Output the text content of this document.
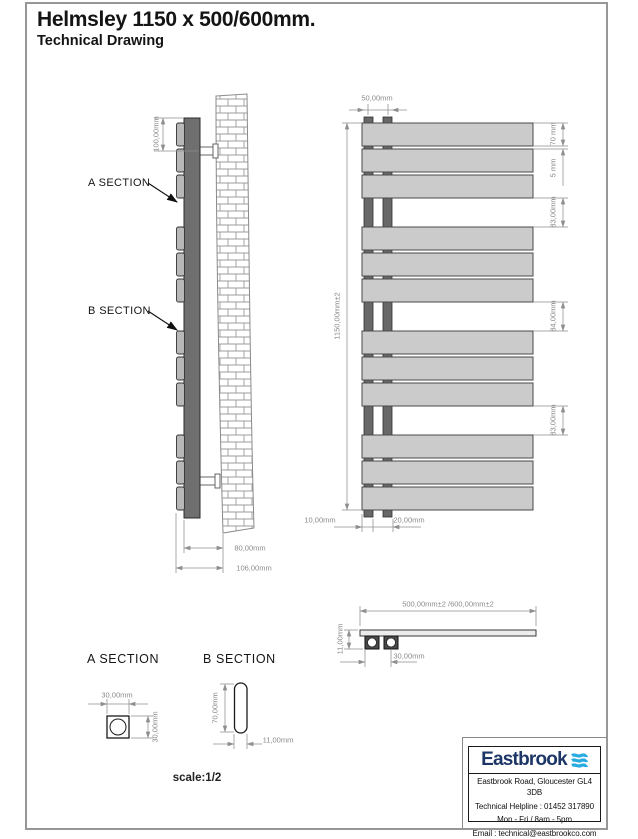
Helmsley 1150 x 500/600mm.
Technical Drawing
A SECTION
B SECTION
100,00mm
80,00mm
106,00mm
50,00mm
1150,00mm±2
70 mm
5 mm
83,00mm
84,00mm
83,00mm
10,00mm	20,00mm
500,00mm±2 /600,00mm±2
11,00mm
30,00mm
A SECTION	B SECTION
30,00mm
30,00mm
70,00mm
11,00mm
scale:1/2
Eastbrook
Eastbrook Road, Gloucester GL4 3DB
Technical Helpline : 01452 317890
Mon - Fri / 8am - 5pm
Email : technical@eastbrookco.com
